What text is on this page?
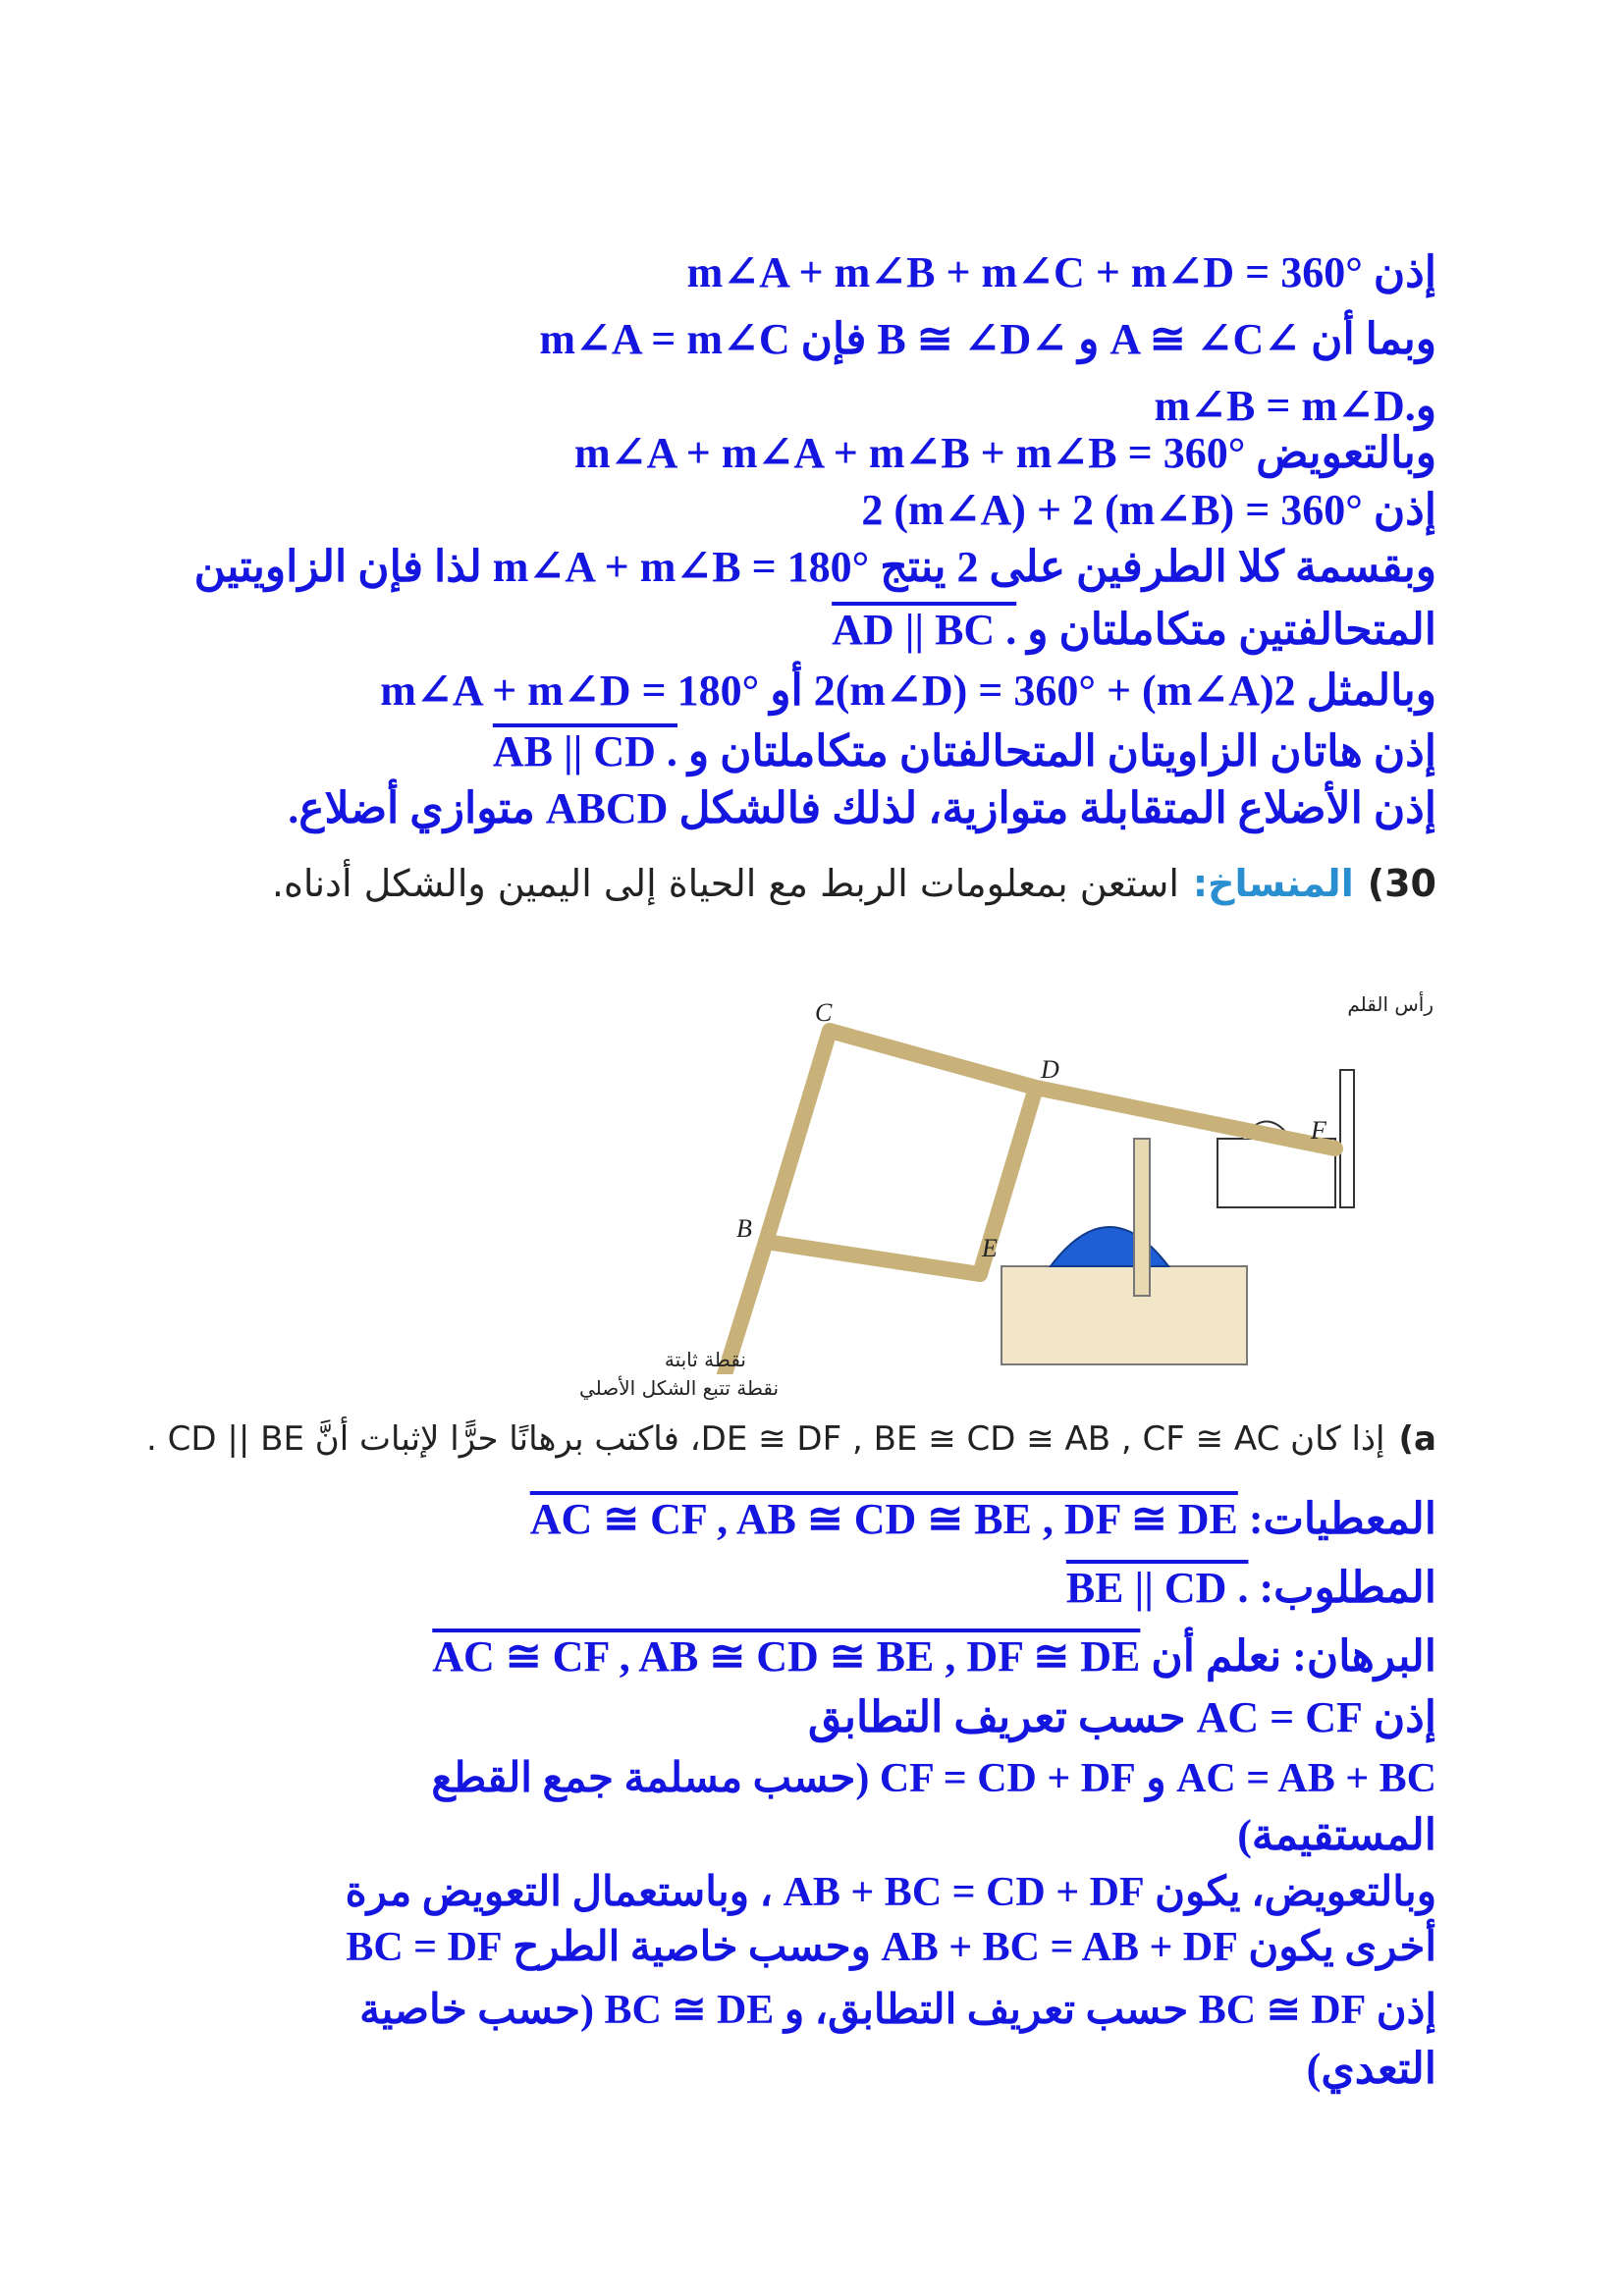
إذن m∠A + m∠B + m∠C + m∠D = 360°
وبما أن ∠A ≅ ∠C و ∠B ≅ ∠D فإن m∠A = m∠C
وm∠B = m∠D.
وبالتعويض m∠A + m∠A + m∠B + m∠B = 360°
إذن 2 (m∠A) + 2 (m∠B) = 360°
وبقسمة كلا الطرفين على 2 ينتج m∠A + m∠B = 180° لذا فإن الزاويتين
المتحالفتين متكاملتان و AD || BC .
وبالمثل 2(m∠A) + 2(m∠D) = 360° أو m∠A + m∠D = 180°
إذن هاتان الزاويتان المتحالفتان متكاملتان و AB || CD .
إذن الأضلاع المتقابلة متوازية، لذلك فالشكل ABCD متوازي أضلاع.
30)المنساخ:استعن بمعلومات الربط مع الحياة إلى اليمين والشكل أدناه.
C
D
B
E
F
رأس القلم
نقطة ثابتة
نقطة تتبع الشكل الأصلي
a)إذا كان DE ≅ DF , BE ≅ CD ≅ AB , CF ≅ AC، فاكتب برهانًا حرًّا لإثبات أنَّ CD || BE .
المعطيات: AC ≅ CF , AB ≅ CD ≅ BE , DF ≅ DE
المطلوب: BE || CD .
البرهان: نعلم أن AC ≅ CF , AB ≅ CD ≅ BE , DF ≅ DE
إذن AC = CF حسب تعريف التطابق
AC = AB + BC و CF = CD + DF (حسب مسلمة جمع القطع
المستقيمة)
وبالتعويض، يكون AB + BC = CD + DF ، وباستعمال التعويض مرة
أخرى يكون AB + BC = AB + DF وحسب خاصية الطرح BC = DF
إذن BC ≅ DF حسب تعريف التطابق، و BC ≅ DE (حسب خاصية
التعدي)
